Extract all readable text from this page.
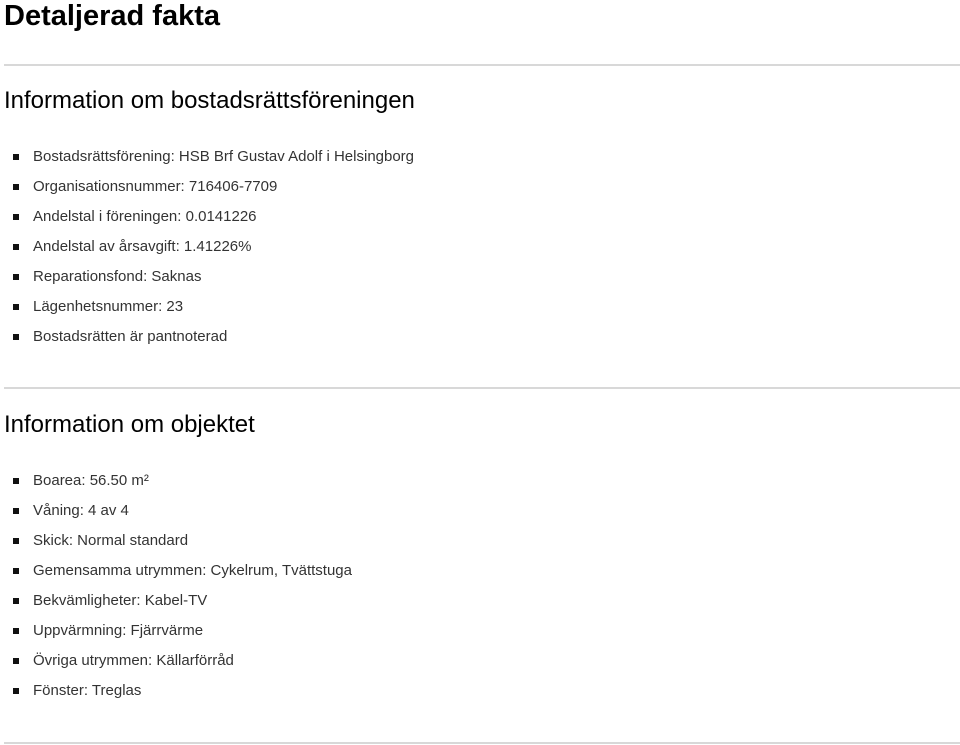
Detaljerad fakta
Information om bostadsrättsföreningen
Bostadsrättsförening: HSB Brf Gustav Adolf i Helsingborg
Organisationsnummer: 716406-7709
Andelstal i föreningen: 0.0141226
Andelstal av årsavgift: 1.41226%
Reparationsfond: Saknas
Lägenhetsnummer: 23
Bostadsrätten är pantnoterad
Information om objektet
Boarea: 56.50 m²
Våning: 4 av 4
Skick: Normal standard
Gemensamma utrymmen: Cykelrum, Tvättstuga
Bekvämligheter: Kabel-TV
Uppvärmning: Fjärrvärme
Övriga utrymmen: Källarförråd
Fönster: Treglas
